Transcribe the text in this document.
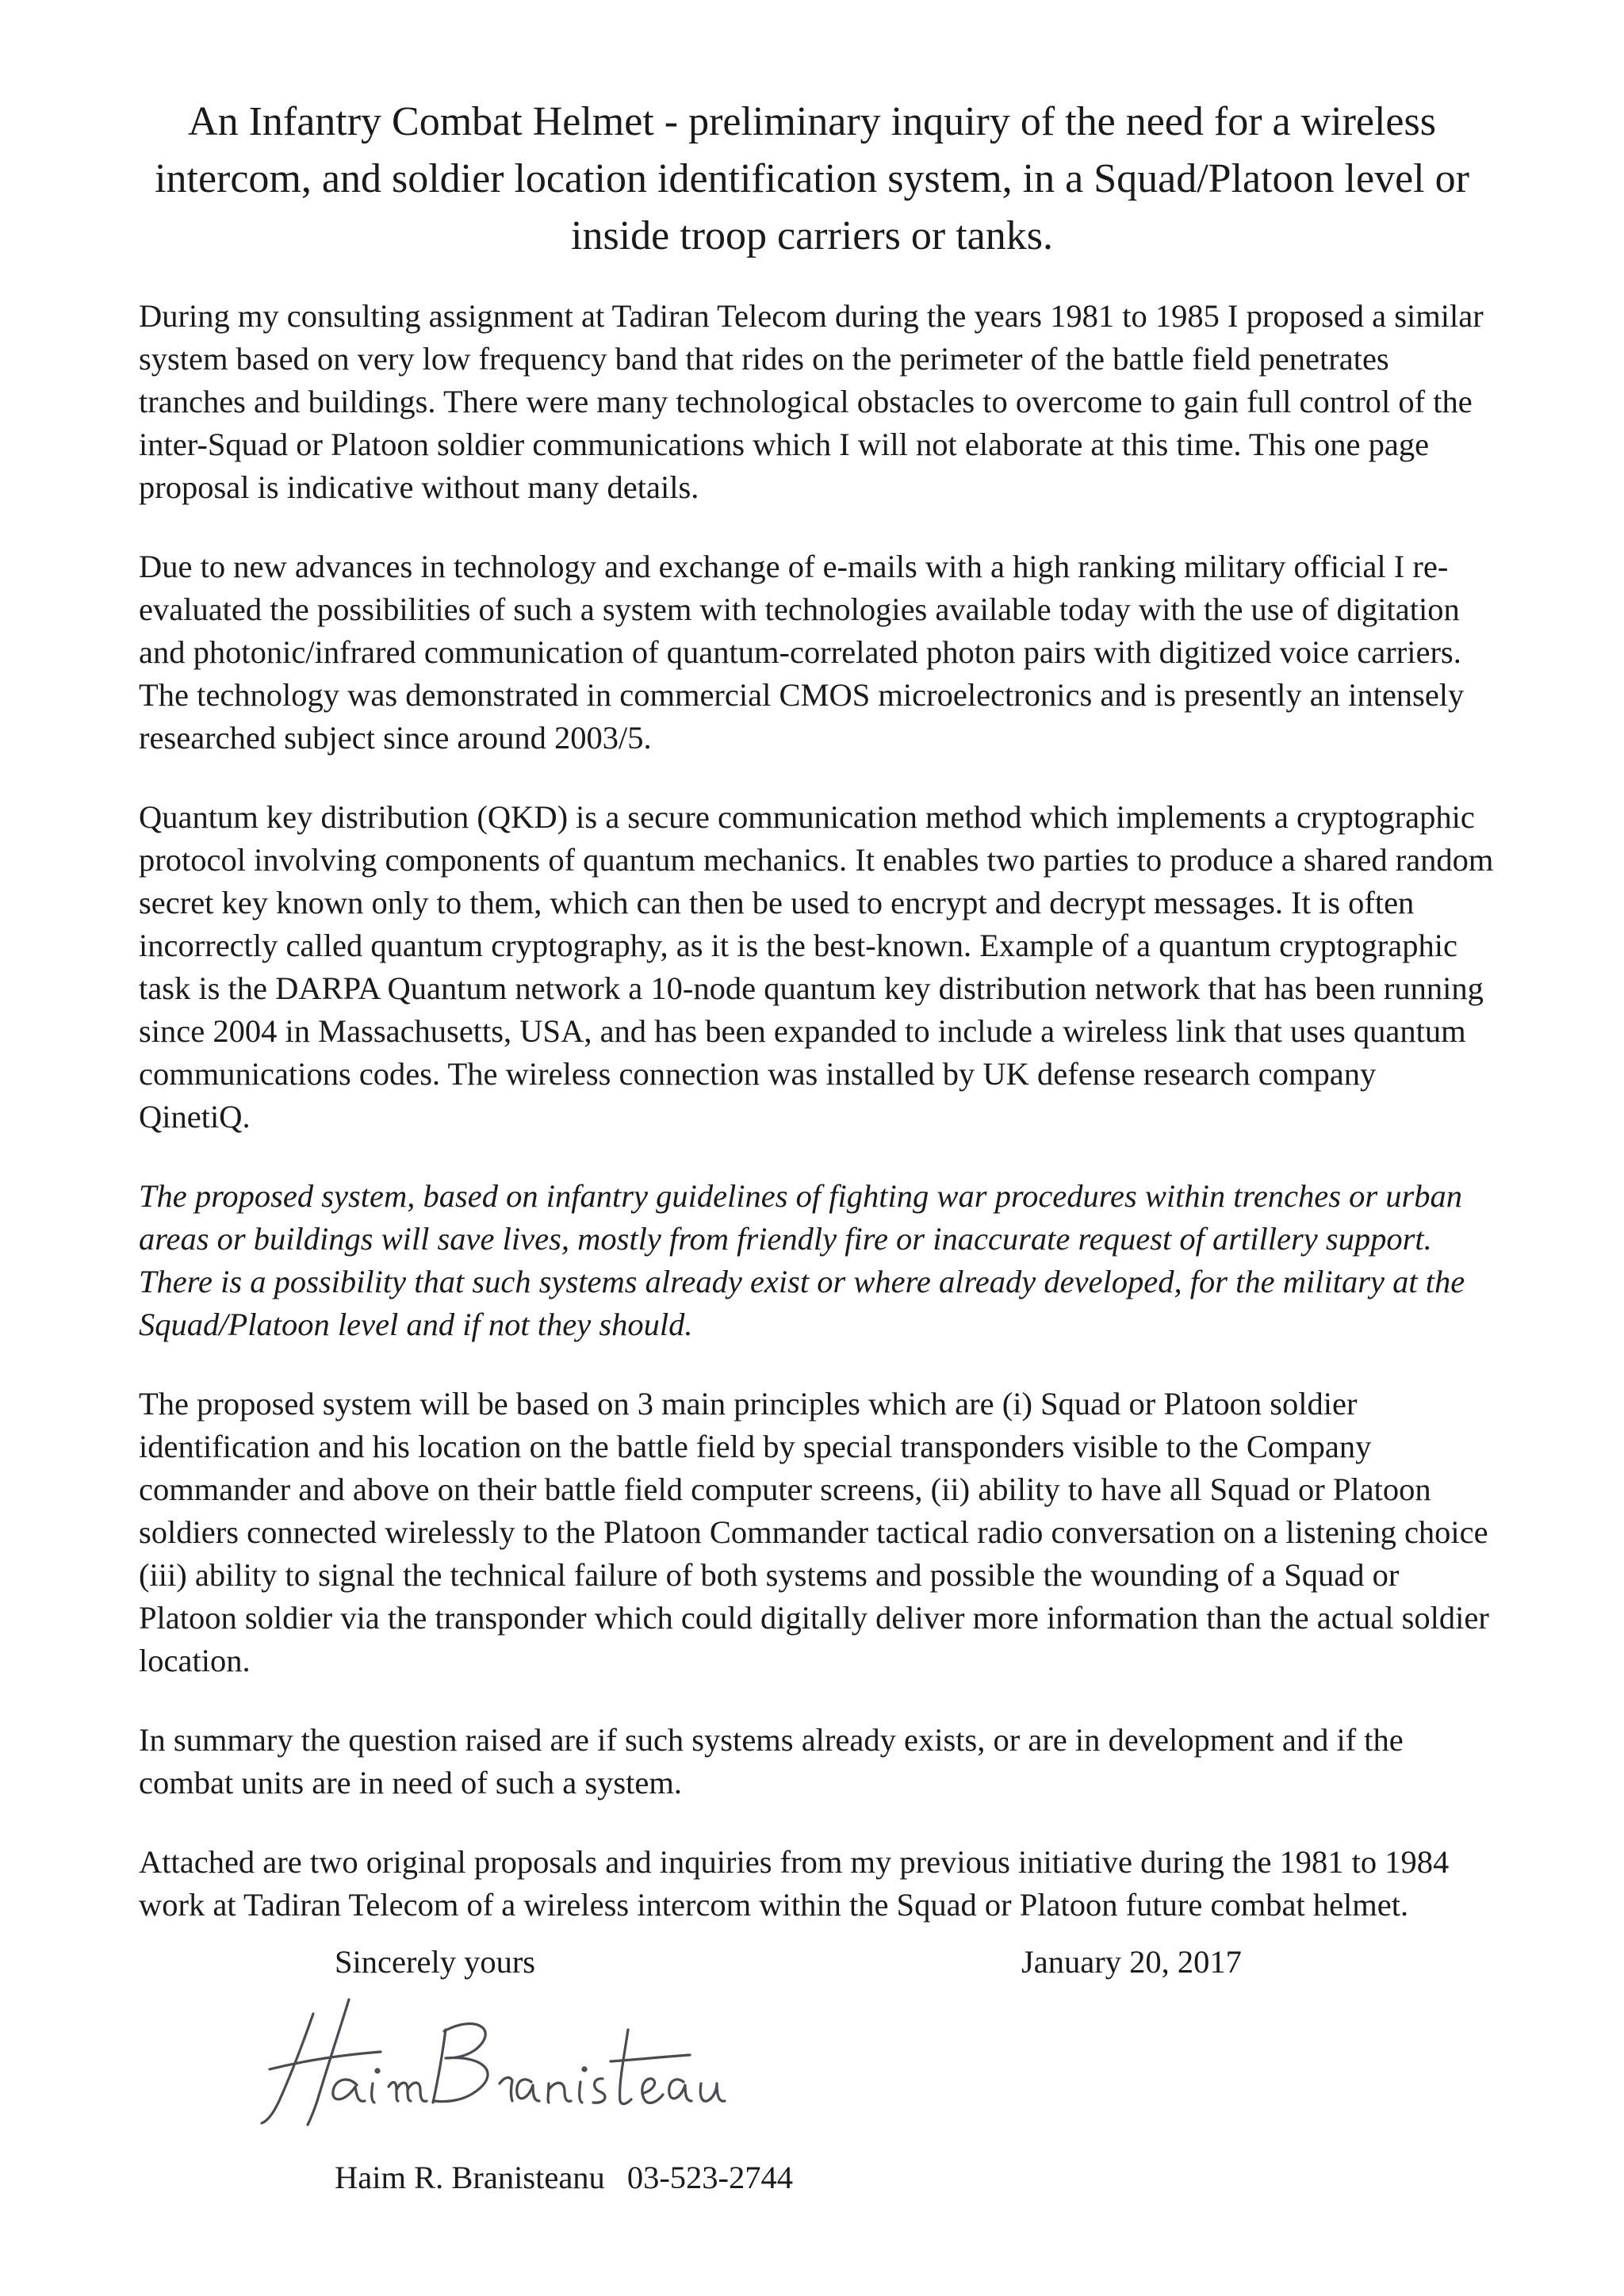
An Infantry Combat Helmet - preliminary inquiry of the need for a wireless intercom, and soldier location identification system, in a Squad/Platoon level or inside troop carriers or tanks.

During my consulting assignment at Tadiran Telecom during the years 1981 to 1985 I proposed a similar system based on very low frequency band that rides on the perimeter of the battle field penetrates tranches and buildings. There were many technological obstacles to overcome to gain full control of the inter-Squad or Platoon soldier communications which I will not elaborate at this time. This one page proposal is indicative without many details.

Due to new advances in technology and exchange of e-mails with a high ranking military official I re-evaluated the possibilities of such a system with technologies available today with the use of digitation and photonic/infrared communication of quantum-correlated photon pairs with digitized voice carriers. The technology was demonstrated in commercial CMOS microelectronics and is presently an intensely researched subject since around 2003/5.

Quantum key distribution (QKD) is a secure communication method which implements a cryptographic protocol involving components of quantum mechanics. It enables two parties to produce a shared random secret key known only to them, which can then be used to encrypt and decrypt messages. It is often incorrectly called quantum cryptography, as it is the best-known. Example of a quantum cryptographic task is the DARPA Quantum network a 10-node quantum key distribution network that has been running since 2004 in Massachusetts, USA, and has been expanded to include a wireless link that uses quantum communications codes. The wireless connection was installed by UK defense research company QinetiQ.

The proposed system, based on infantry guidelines of fighting war procedures within trenches or urban areas or buildings will save lives, mostly from friendly fire or inaccurate request of artillery support. There is a possibility that such systems already exist or where already developed, for the military at the Squad/Platoon level and if not they should.

The proposed system will be based on 3 main principles which are (i) Squad or Platoon soldier identification and his location on the battle field by special transponders visible to the Company commander and above on their battle field computer screens, (ii) ability to have all Squad or Platoon soldiers connected wirelessly to the Platoon Commander tactical radio conversation on a listening choice (iii) ability to signal the technical failure of both systems and possible the wounding of a Squad or Platoon soldier via the transponder which could digitally deliver more information than the actual soldier location.

In summary the question raised are if such systems already exists, or are in development and if the combat units are in need of such a system.

Attached are two original proposals and inquiries from my previous initiative during the 1981 to 1984 work at Tadiran Telecom of a wireless intercom within the Squad or Platoon future combat helmet.

Sincerely yours	January 20, 2017
Haim R. Branisteanu 03-523-2744
